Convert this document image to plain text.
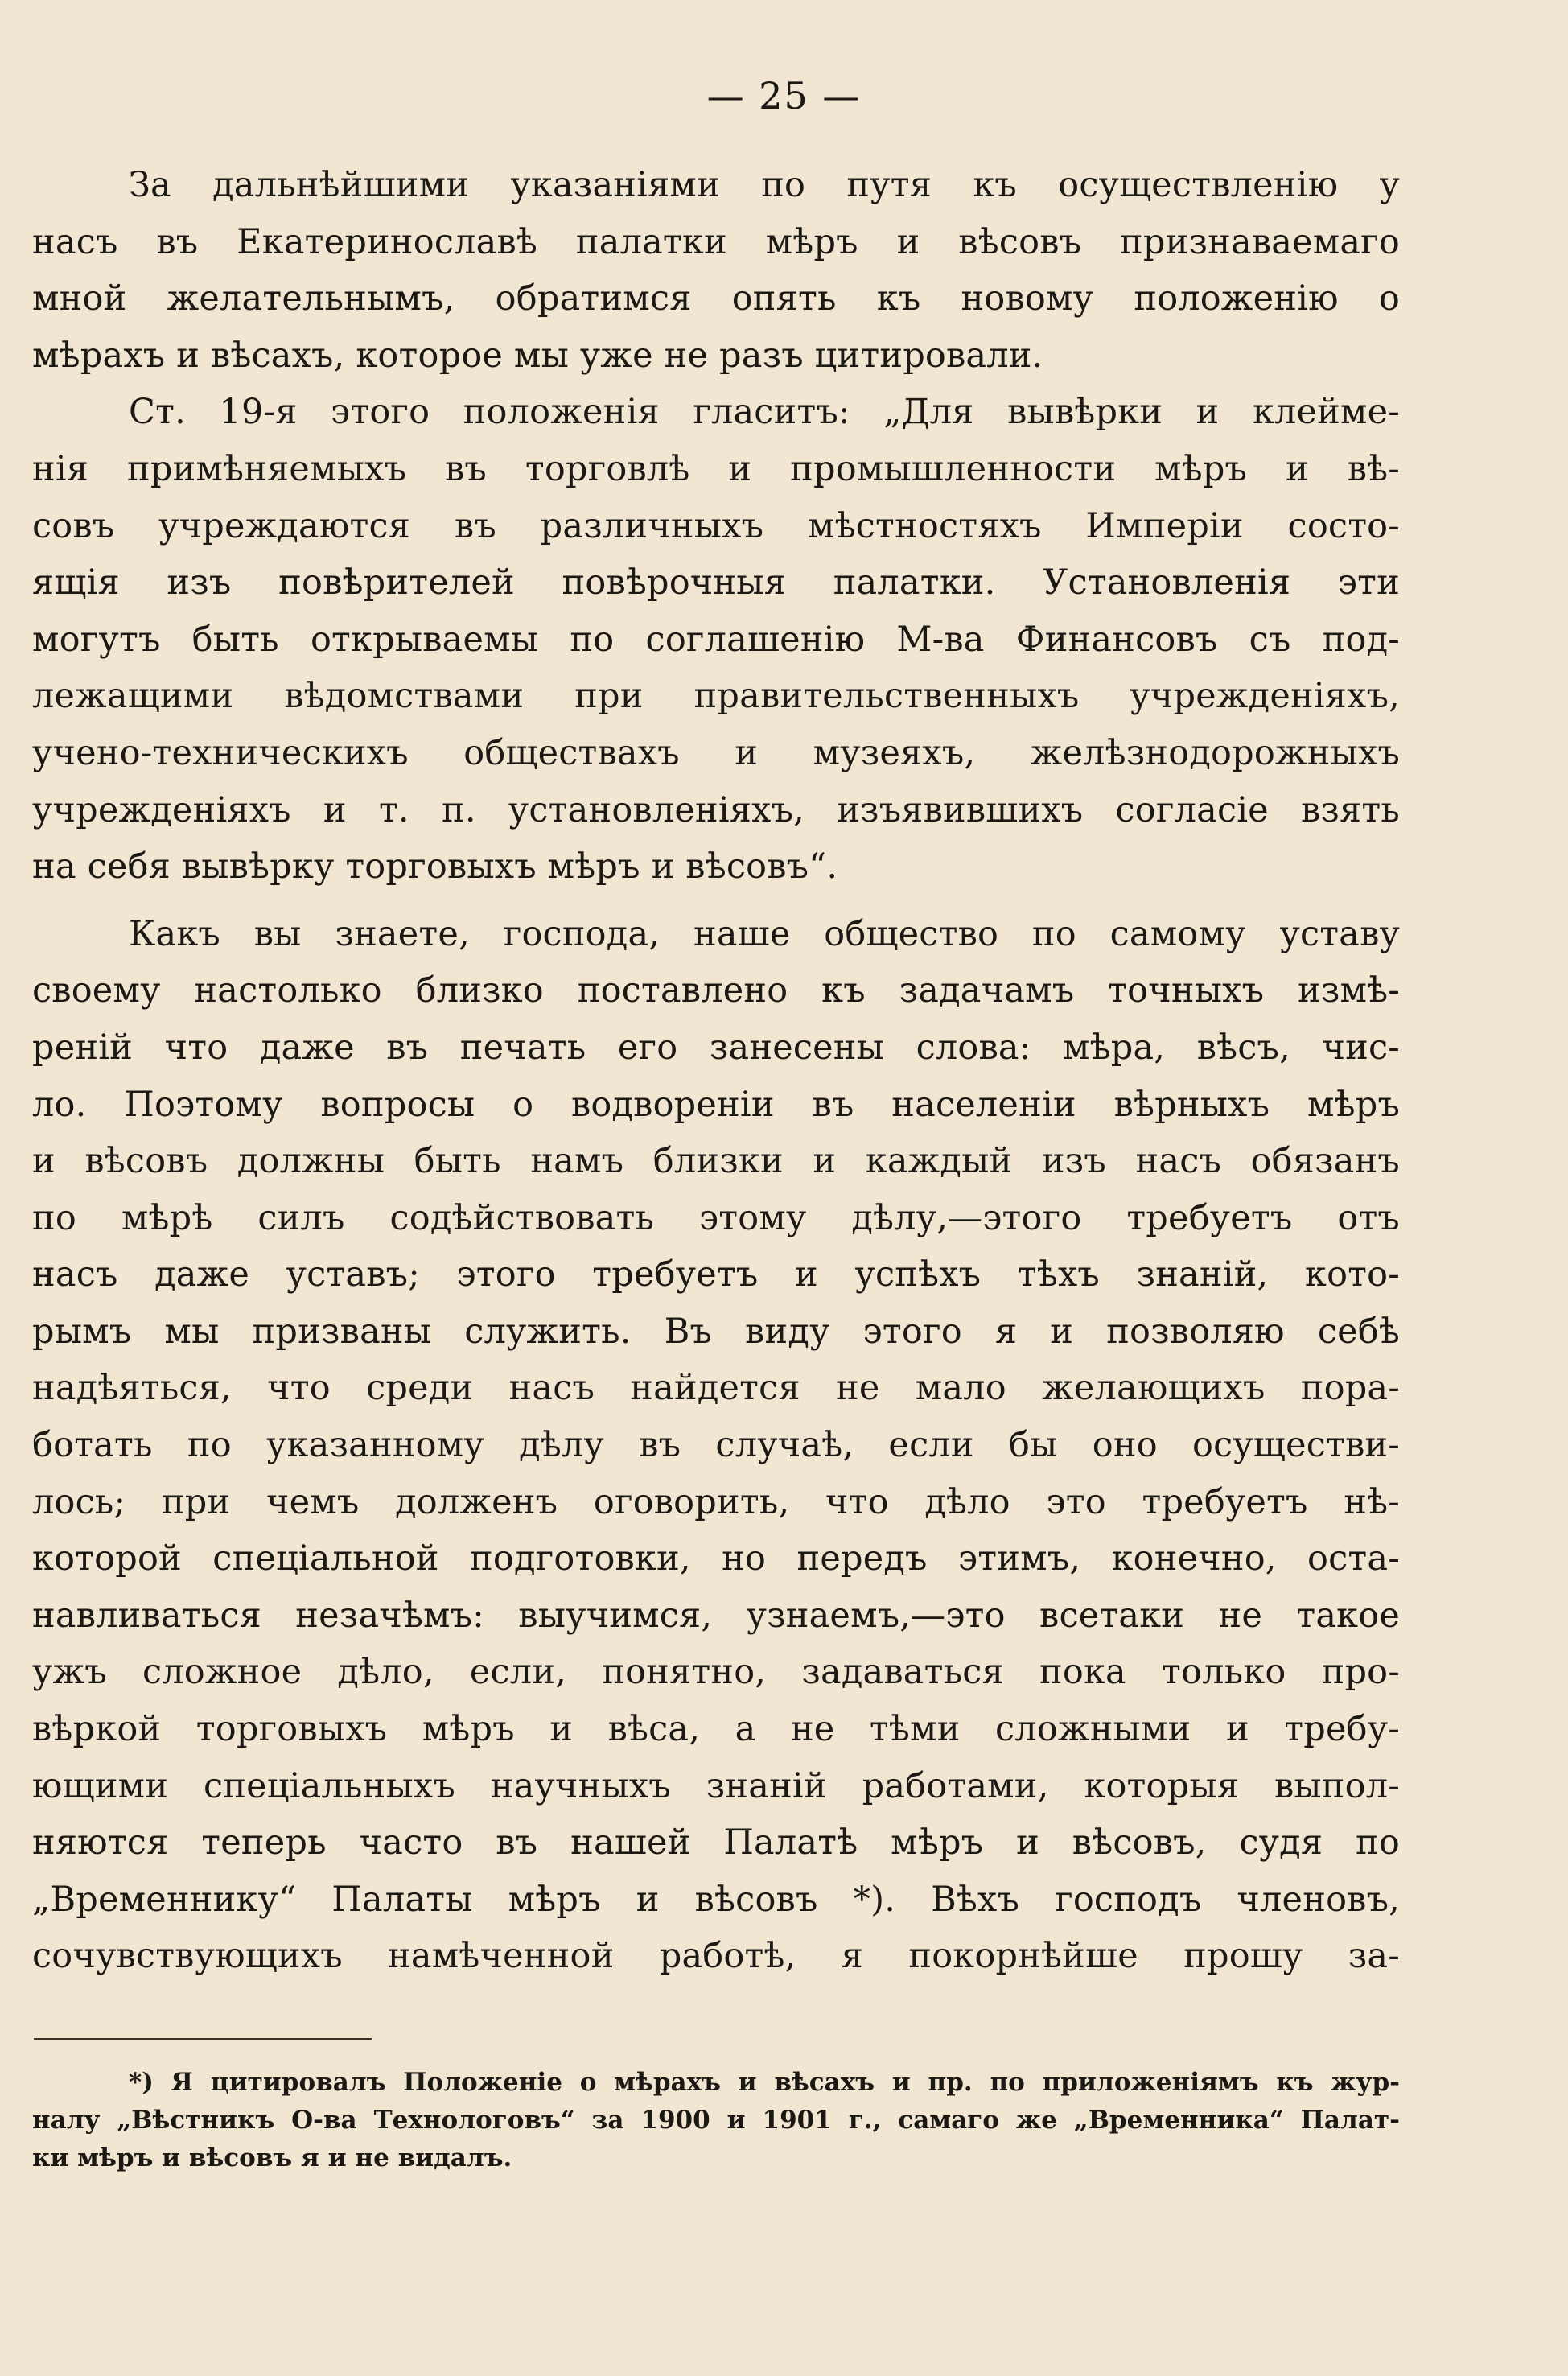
— 25 —
За дальнѣйшими указаніями по путя къ осуществленію у
насъ въ Екатеринославѣ палатки мѣръ и вѣсовъ признаваемаго
мной желательнымъ, обратимся опять къ новому положенію о
мѣрахъ и вѣсахъ, которое мы уже не разъ цитировали.
Ст. 19-я этого положенія гласитъ: „Для вывѣрки и клейме-
нія примѣняемыхъ въ торговлѣ и промышленности мѣръ и вѣ-
совъ учреждаются въ различныхъ мѣстностяхъ Имперіи состо-
ящія изъ повѣрителей повѣрочныя палатки. Установленія эти
могутъ быть открываемы по соглашенію М-ва Финансовъ съ под-
лежащими вѣдомствами при правительственныхъ учрежденіяхъ,
учено-техническихъ обществахъ и музеяхъ, желѣзнодорожныхъ
учрежденіяхъ и т. п. установленіяхъ, изъявившихъ согласіе взять
на себя вывѣрку торговыхъ мѣръ и вѣсовъ“.
Какъ вы знаете, господа, наше общество по самому уставу
своему настолько близко поставлено къ задачамъ точныхъ измѣ-
реній что даже въ печать его занесены слова: мѣра, вѣсъ, чис-
ло. Поэтому вопросы о водвореніи въ населеніи вѣрныхъ мѣръ
и вѣсовъ должны быть намъ близки и каждый изъ насъ обязанъ
по мѣрѣ силъ содѣйствовать этому дѣлу,—этого требуетъ отъ
насъ даже уставъ; этого требуетъ и успѣхъ тѣхъ знаній, кото-
рымъ мы призваны служить. Въ виду этого я и позволяю себѣ
надѣяться, что среди насъ найдется не мало желающихъ пора-
ботать по указанному дѣлу въ случаѣ, если бы оно осуществи-
лось; при чемъ долженъ оговорить, что дѣло это требуетъ нѣ-
которой спеціальной подготовки, но передъ этимъ, конечно, оста-
навливаться незачѣмъ: выучимся, узнаемъ,—это всетаки не такое
ужъ сложное дѣло, если, понятно, задаваться пока только про-
вѣркой торговыхъ мѣръ и вѣса, а не тѣми сложными и требу-
ющими спеціальныхъ научныхъ знаній работами, которыя выпол-
няются теперь часто въ нашей Палатѣ мѣръ и вѣсовъ, судя по
„Временнику“ Палаты мѣръ и вѣсовъ *). Вѣхъ господъ членовъ,
сочувствующихъ намѣченной работѣ, я покорнѣйше прошу за-
*) Я цитировалъ Положеніе о мѣрахъ и вѣсахъ и пр. по приложеніямъ къ жур-
налу „Вѣстникъ О-ва Технологовъ“ за 1900 и 1901 г., самаго же „Временника“ Палат-
ки мѣръ и вѣсовъ я и не видалъ.
